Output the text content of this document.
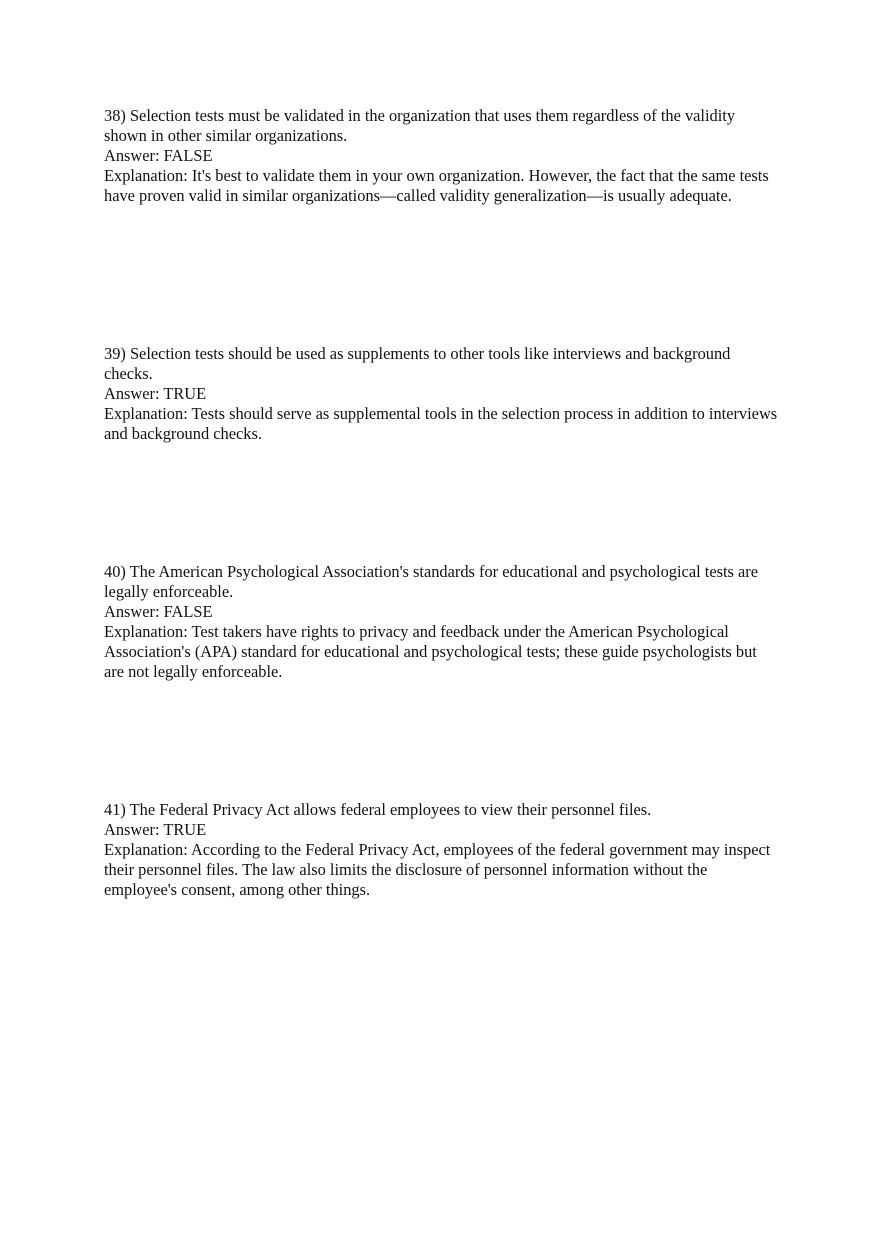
38) Selection tests must be validated in the organization that uses them regardless of the validity shown in other similar organizations.

Answer: FALSE

Explanation: It's best to validate them in your own organization. However, the fact that the same tests have proven valid in similar organizations—called validity generalization—is usually adequate.

39) Selection tests should be used as supplements to other tools like interviews and background checks.

Answer: TRUE

Explanation: Tests should serve as supplemental tools in the selection process in addition to interviews and background checks.

40) The American Psychological Association's standards for educational and psychological tests are legally enforceable.

Answer: FALSE

Explanation: Test takers have rights to privacy and feedback under the American Psychological Association's (APA) standard for educational and psychological tests; these guide psychologists but are not legally enforceable.

41) The Federal Privacy Act allows federal employees to view their personnel files.

Answer: TRUE

Explanation: According to the Federal Privacy Act, employees of the federal government may inspect their personnel files. The law also limits the disclosure of personnel information without the employee's consent, among other things.
